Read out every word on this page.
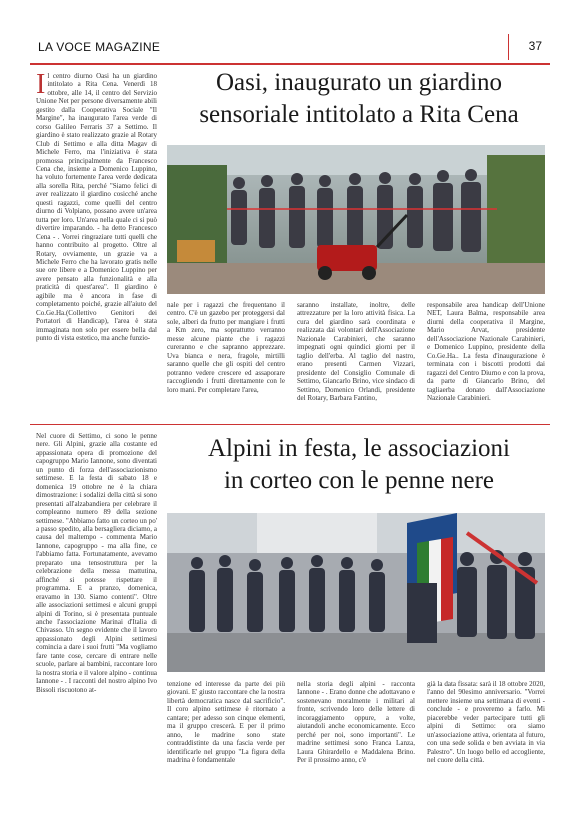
LA VOCE MAGAZINE	37

Il centro diurno Oasi ha un giardino intitolato a Rita Cena. Venerdì 18 ottobre, alle 14, il centro del Servizio Unione Net per persone diversamente abili gestito dalla Cooperativa Sociale "Il Margine", ha inaugurato l'area verde di corso Galileo Ferraris 37 a Settimo. Il giardino è stato realizzato grazie al Rotary Club di Settimo e alla ditta Magav di Michele Ferro, ma l'iniziativa è stata promossa principalmente da Francesco Cena che, insieme a Domenico Luppino, ha voluto fortemente l'area verde dedicata alla sorella Rita, perché "Siamo felici di aver realizzato il giardino cosicché anche questi ragazzi, come quelli del centro diurno di Volpiano, possano avere un'area tutta per loro. Un'area nella quale ci si può divertire imparando. - ha detto Francesco Cena - . Vorrei ringraziare tutti quelli che hanno contribuito al progetto. Oltre al Rotary, ovviamente, un grazie va a Michele Ferro che ha lavorato gratis nelle sue ore libere e a Domenico Luppino per avere pensato alla funzionalità e alla praticità di quest'area". Il giardino è agibile ma è ancora in fase di completamento poiché, grazie all'aiuto del Co.Ge.Ha.(Collettivo Genitori dei Portatori di Handicap), l'area è stata immaginata non solo per essere bella dal punto di vista estetico, ma anche funzio-

Oasi, inaugurato un giardino
sensoriale intitolato a Rita Cena

nale per i ragazzi che frequentano il centro. C'è un gazebo per proteggersi dal sole, alberi da frutto per mangiare i frutti a Km zero, ma soprattutto verranno messe alcune piante che i ragazzi cureranno e che sapranno apprezzare. Uva bianca e nera, fragole, mirtilli saranno quelle che gli ospiti del centro potranno vedere crescere ed assaporare raccogliendo i frutti direttamente con le loro mani. Per completare l'area,

saranno installate, inoltre, delle attrezzature per la loro attività fisica. La cura del giardino sarà coordinata e realizzata dai volontari dell'Associazione Nazionale Carabinieri, che saranno impegnati ogni quindici giorni per il taglio dell'erba. Al taglio del nastro, erano presenti Carmen Vizzari, presidente del Consiglio Comunale di Settimo, Giancarlo Brino, vice sindaco di Settimo, Domenico Orlandi, presidente del Rotary, Barbara Fantino,

responsabile area handicap dell'Unione NET, Laura Balma, responsabile area diurni della cooperativa il Margine, Mario Arvat, presidente dell'Associazione Nazionale Carabinieri, e Domenico Luppino, presidente della Co.Ge.Ha.. La festa d'inaugurazione è terminata con i biscotti prodotti dai ragazzi del Centro Diurno e con la prova, da parte di Giancarlo Brino, del tagliaerba donato dall'Associazione Nazionale Carabinieri.

Nel cuore di Settimo, ci sono le penne nere. Gli Alpini, grazie alla costante ed appassionata opera di promozione del capogruppo Mario Iannone, sono diventati un punto di forza dell'associazionismo settimese. E la festa di sabato 18 e domenica 19 ottobre ne è la chiara dimostrazione: i sodalizi della città si sono presentati all'alzabandiera per celebrare il compleanno numero 89 della sezione settimese. "Abbiamo fatto un corteo un po' a passo spedito, alla bersagliera diciamo, a causa del maltempo - commenta Mario Iannone, capogruppo - ma alla fine, ce l'abbiamo fatta. Fortunatamente, avevamo preparato una tensostruttura per la celebrazione della messa mattutina, affinché si potesse rispettare il programma. E a pranzo, domenica, eravamo in 130. Siamo contenti". Oltre alle associazioni settimesi e alcuni gruppi alpini di Torino, si è presentata puntuale anche l'associazione Marinai d'Italia di Chivasso. Un segno evidente che il lavoro appassionato degli Alpini settimesi comincia a dare i suoi frutti "Ma vogliamo fare tante cose, cercare di entrare nelle scuole, parlare ai bambini, raccontare loro la nostra storia e il valore alpino - continua Iannone - . I racconti del nostro alpino Ivo Bissoli riscuotono at-

Alpini in festa, le associazioni
in corteo con le penne nere

tenzione ed interesse da parte dei più giovani. E' giusto raccontare che la nostra libertà democratica nasce dal sacrificio". Il coro alpino settimese è ritornato a cantare; per adesso son cinque elementi, ma il gruppo crescerà. E per il primo anno, le madrine sono state contraddistinte da una fascia verde per identificarle nel gruppo "La figura della madrina è fondamentale

nella storia degli alpini - racconta Iannone - . Erano donne che adottavano e sostenevano moralmente i militari al fronte, scrivendo loro delle lettere di incoraggiamento oppure, a volte, aiutandoli anche economicamente. Ecco perché per noi, sono importanti". Le madrine settimesi sono Franca Lanza, Laura Ghirardello e Maddalena Brino. Per il prossimo anno, c'è

già la data fissata: sarà il 18 ottobre 2020, l'anno del 90esimo anniversario. "Vorrei mettere insieme una settimana di eventi - conclude - e proveremo a farlo. Mi piacerebbe veder partecipare tutti gli alpini di Settimo: ora siamo un'associazione attiva, orientata al futuro, con una sede solida e ben avviata in via Palestro". Un luogo bello ed accogliente, nel cuore della città.
